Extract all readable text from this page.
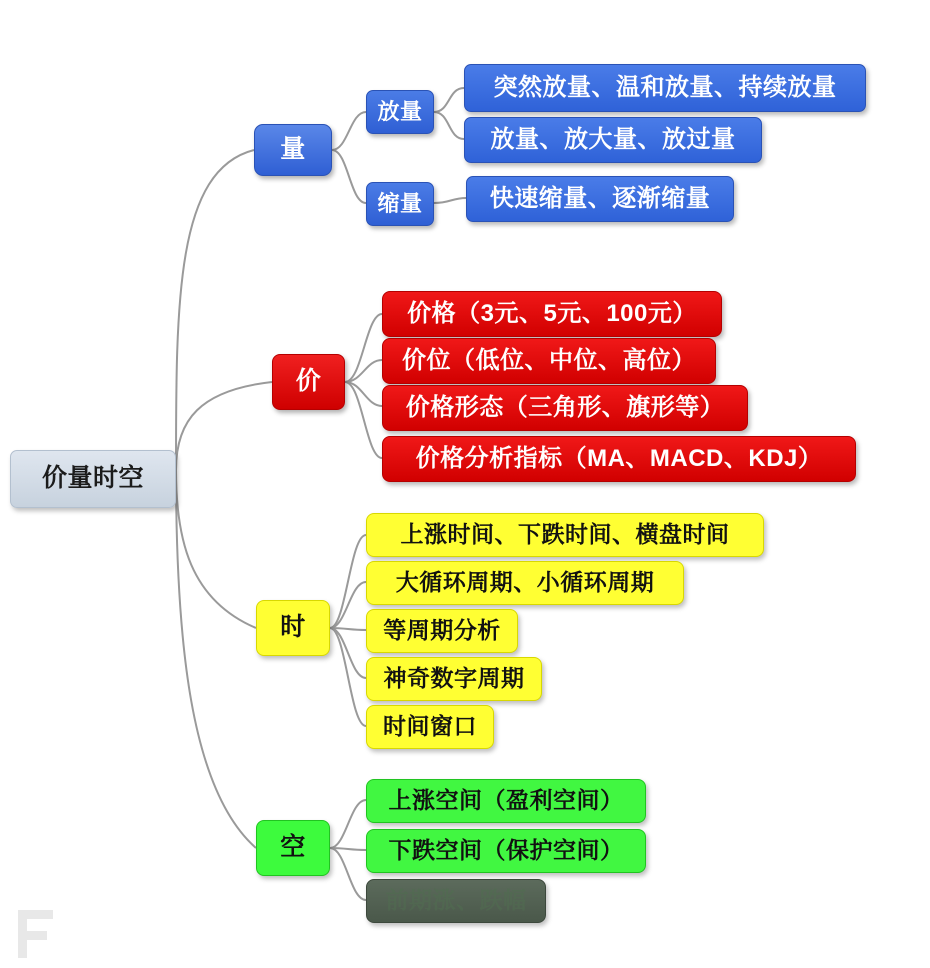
价量时空
量
放量
缩量
突然放量、温和放量、持续放量
放量、放大量、放过量
快速缩量、逐渐缩量
价
价格（3元、5元、100元）
价位（低位、中位、高位）
价格形态（三角形、旗形等）
价格分析指标（MA、MACD、KDJ）
时
上涨时间、下跌时间、横盘时间
大循环周期、小循环周期
等周期分析
神奇数字周期
时间窗口
空
上涨空间（盈利空间）
下跌空间（保护空间）
前期涨、跌幅
